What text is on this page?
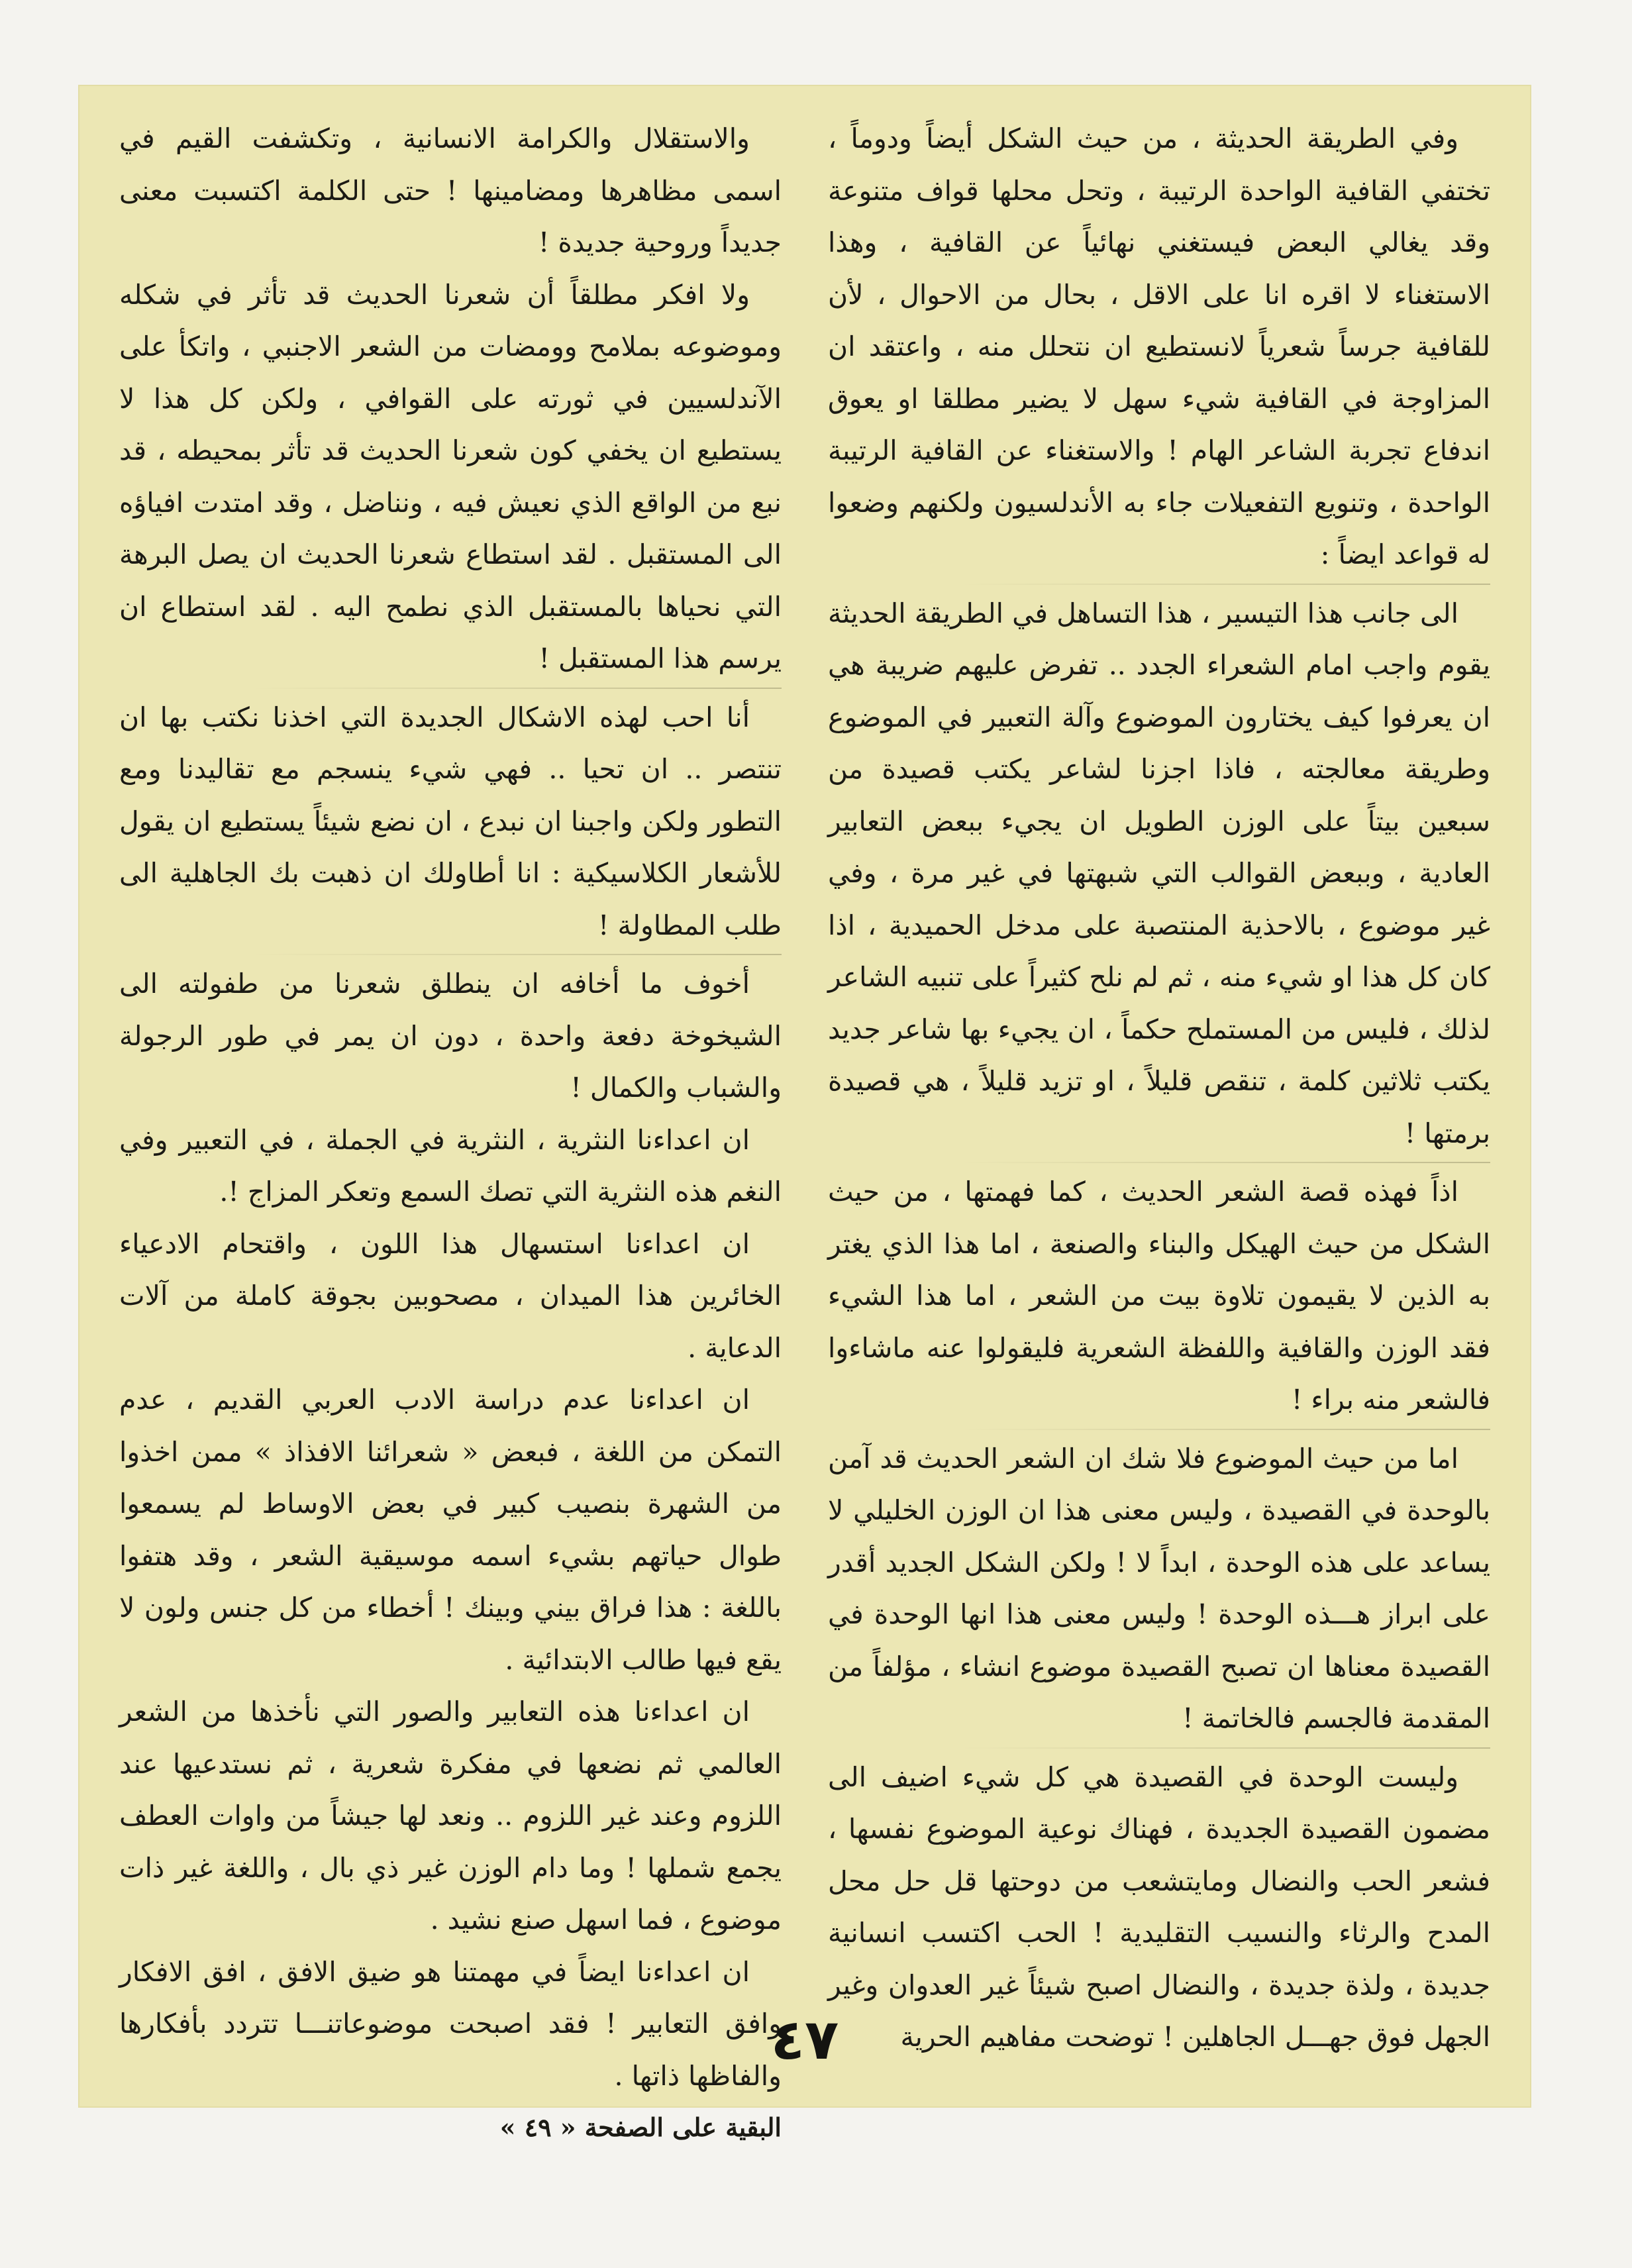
وفي الطريقة الحديثة ، من حيث الشكل أيضاً ودوماً ، تختفي القافية الواحدة الرتيبة ، وتحل محلها قواف متنوعة وقد يغالي البعض فيستغني نهائياً عن القافية ، وهذا الاستغناء لا اقره انا على الاقل ، بحال من الاحوال ، لأن للقافية جرساً شعرياً لانستطيع ان نتحلل منه ، واعتقد ان المزاوجة في القافية شيء سهل لا يضير مطلقا او يعوق اندفاع تجربة الشاعر الهام ! والاستغناء عن القافية الرتيبة الواحدة ، وتنويع التفعيلات جاء به الأندلسيون ولكنهم وضعوا له قواعد ايضاً :

الى جانب هذا التيسير ، هذا التساهل في الطريقة الحديثة يقوم واجب امام الشعراء الجدد .. تفرض عليهم ضريبة هي ان يعرفوا كيف يختارون الموضوع وآلة التعبير في الموضوع وطريقة معالجته ، فاذا اجزنا لشاعر يكتب قصيدة من سبعين بيتاً على الوزن الطويل ان يجيء ببعض التعابير العادية ، وببعض القوالب التي شبهتها في غير مرة ، وفي غير موضوع ، بالاحذية المنتصبة على مدخل الحميدية ، اذا كان كل هذا او شيء منه ، ثم لم نلح كثيراً على تنبيه الشاعر لذلك ، فليس من المستملح حكماً ، ان يجيء بها شاعر جديد يكتب ثلاثين كلمة ، تنقص قليلاً ، او تزيد قليلاً ، هي قصيدة برمتها !

اذاً فهذه قصة الشعر الحديث ، كما فهمتها ، من حيث الشكل من حيث الهيكل والبناء والصنعة ، اما هذا الذي يغتر به الذين لا يقيمون تلاوة بيت من الشعر ، اما هذا الشيء فقد الوزن والقافية واللفظة الشعرية فليقولوا عنه ماشاءوا فالشعر منه براء !

اما من حيث الموضوع فلا شك ان الشعر الحديث قد آمن بالوحدة في القصيدة ، وليس معنى هذا ان الوزن الخليلي لا يساعد على هذه الوحدة ، ابداً لا ! ولكن الشكل الجديد أقدر على ابراز هـــذه الوحدة ! وليس معنى هذا انها الوحدة في القصيدة معناها ان تصبح القصيدة موضوع انشاء ، مؤلفاً من المقدمة فالجسم فالخاتمة !

وليست الوحدة في القصيدة هي كل شيء اضيف الى مضمون القصيدة الجديدة ، فهناك نوعية الموضوع نفسها ، فشعر الحب والنضال ومايتشعب من دوحتها قل حل محل المدح والرثاء والنسيب التقليدية ! الحب اكتسب انسانية جديدة ، ولذة جديدة ، والنضال اصبح شيئاً غير العدوان وغير الجهل فوق جهـــل الجاهلين ! توضحت مفاهيم الحرية

والاستقلال والكرامة الانسانية ، وتكشفت القيم في اسمى مظاهرها ومضامينها ! حتى الكلمة اكتسبت معنى جديداً وروحية جديدة !

ولا افكر مطلقاً أن شعرنا الحديث قد تأثر في شكله وموضوعه بملامح وومضات من الشعر الاجنبي ، واتكأ على الآندلسيين في ثورته على القوافي ، ولكن كل هذا لا يستطيع ان يخفي كون شعرنا الحديث قد تأثر بمحيطه ، قد نبع من الواقع الذي نعيش فيه ، ونناضل ، وقد امتدت افياؤه الى المستقبل . لقد استطاع شعرنا الحديث ان يصل البرهة التي نحياها بالمستقبل الذي نطمح اليه . لقد استطاع ان يرسم هذا المستقبل !

أنا احب لهذه الاشكال الجديدة التي اخذنا نكتب بها ان تنتصر .. ان تحيا .. فهي شيء ينسجم مع تقاليدنا ومع التطور ولكن واجبنا ان نبدع ، ان نضع شيئاً يستطيع ان يقول للأشعار الكلاسيكية : انا أطاولك ان ذهبت بك الجاهلية الى طلب المطاولة !

أخوف ما أخافه ان ينطلق شعرنا من طفولته الى الشيخوخة دفعة واحدة ، دون ان يمر في طور الرجولة والشباب والكمال !

ان اعداءنا النثرية ، النثرية في الجملة ، في التعبير وفي النغم هذه النثرية التي تصك السمع وتعكر المزاج !.

ان اعداءنا استسهال هذا اللون ، واقتحام الادعياء الخائرين هذا الميدان ، مصحوبين بجوقة كاملة من آلات الدعاية .

ان اعداءنا عدم دراسة الادب العربي القديم ، عدم التمكن من اللغة ، فبعض « شعرائنا الافذاذ » ممن اخذوا من الشهرة بنصيب كبير في بعض الاوساط لم يسمعوا طوال حياتهم بشيء اسمه موسيقية الشعر ، وقد هتفوا باللغة : هذا فراق بيني وبينك ! أخطاء من كل جنس ولون لا يقع فيها طالب الابتدائية .

ان اعداءنا هذه التعابير والصور التي نأخذها من الشعر العالمي ثم نضعها في مفكرة شعرية ، ثم نستدعيها عند اللزوم وعند غير اللزوم .. ونعد لها جيشاً من واوات العطف يجمع شملها ! وما دام الوزن غير ذي بال ، واللغة غير ذات موضوع ، فما اسهل صنع نشيد .

ان اعداءنا ايضاً في مهمتنا هو ضيق الافق ، افق الافكار وافق التعابير ! فقد اصبحت موضوعاتنـــا تتردد بأفكارها والفاظها ذاتها .

البقية على الصفحة « ٤٩ »
٤٧
